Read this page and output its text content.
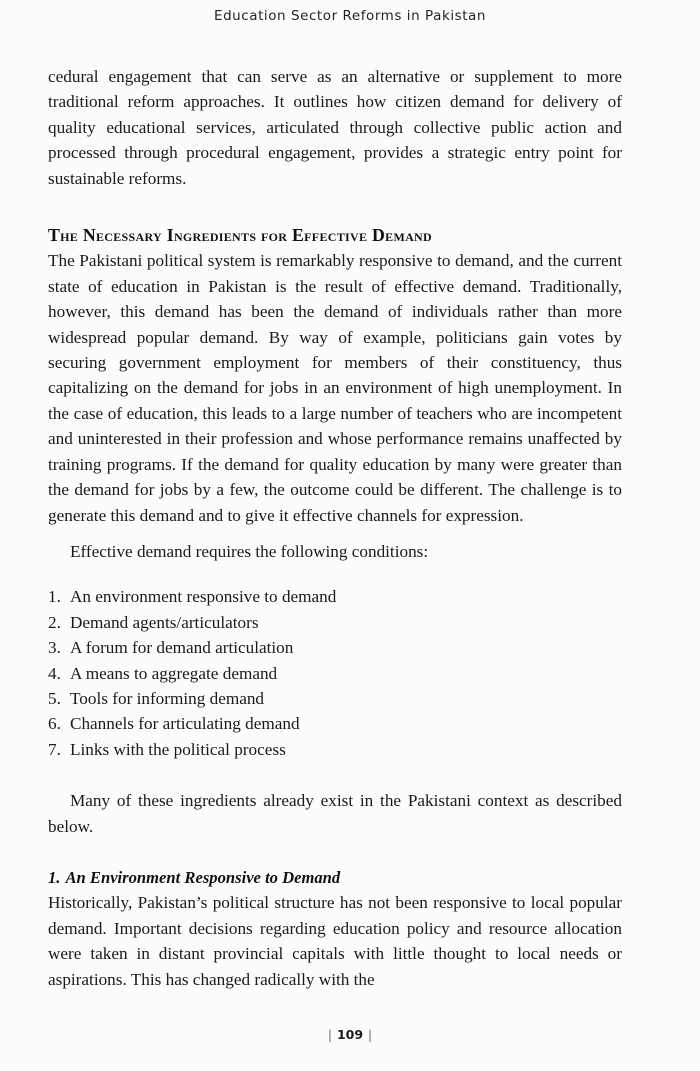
Education Sector Reforms in Pakistan

cedural engagement that can serve as an alternative or supplement to more traditional reform approaches. It outlines how citizen demand for delivery of quality educational services, articulated through collective public action and processed through procedural engagement, provides a strategic entry point for sustainable reforms.

The Necessary Ingredients for Effective Demand

The Pakistani political system is remarkably responsive to demand, and the current state of education in Pakistan is the result of effective demand. Traditionally, however, this demand has been the demand of individuals rather than more widespread popular demand. By way of example, politicians gain votes by securing government employment for members of their constituency, thus capitalizing on the demand for jobs in an environment of high unemployment. In the case of education, this leads to a large number of teachers who are incompetent and uninterested in their profession and whose performance remains unaffected by training programs. If the demand for quality education by many were greater than the demand for jobs by a few, the outcome could be different. The challenge is to generate this demand and to give it effective channels for expression.

Effective demand requires the following conditions:

1. An environment responsive to demand
2. Demand agents/articulators
3. A forum for demand articulation
4. A means to aggregate demand
5. Tools for informing demand
6. Channels for articulating demand
7. Links with the political process

Many of these ingredients already exist in the Pakistani context as described below.

1. An Environment Responsive to Demand

Historically, Pakistan’s political structure has not been responsive to local popular demand. Important decisions regarding education policy and resource allocation were taken in distant provincial capitals with little thought to local needs or aspirations. This has changed radically with the

| 109 |
